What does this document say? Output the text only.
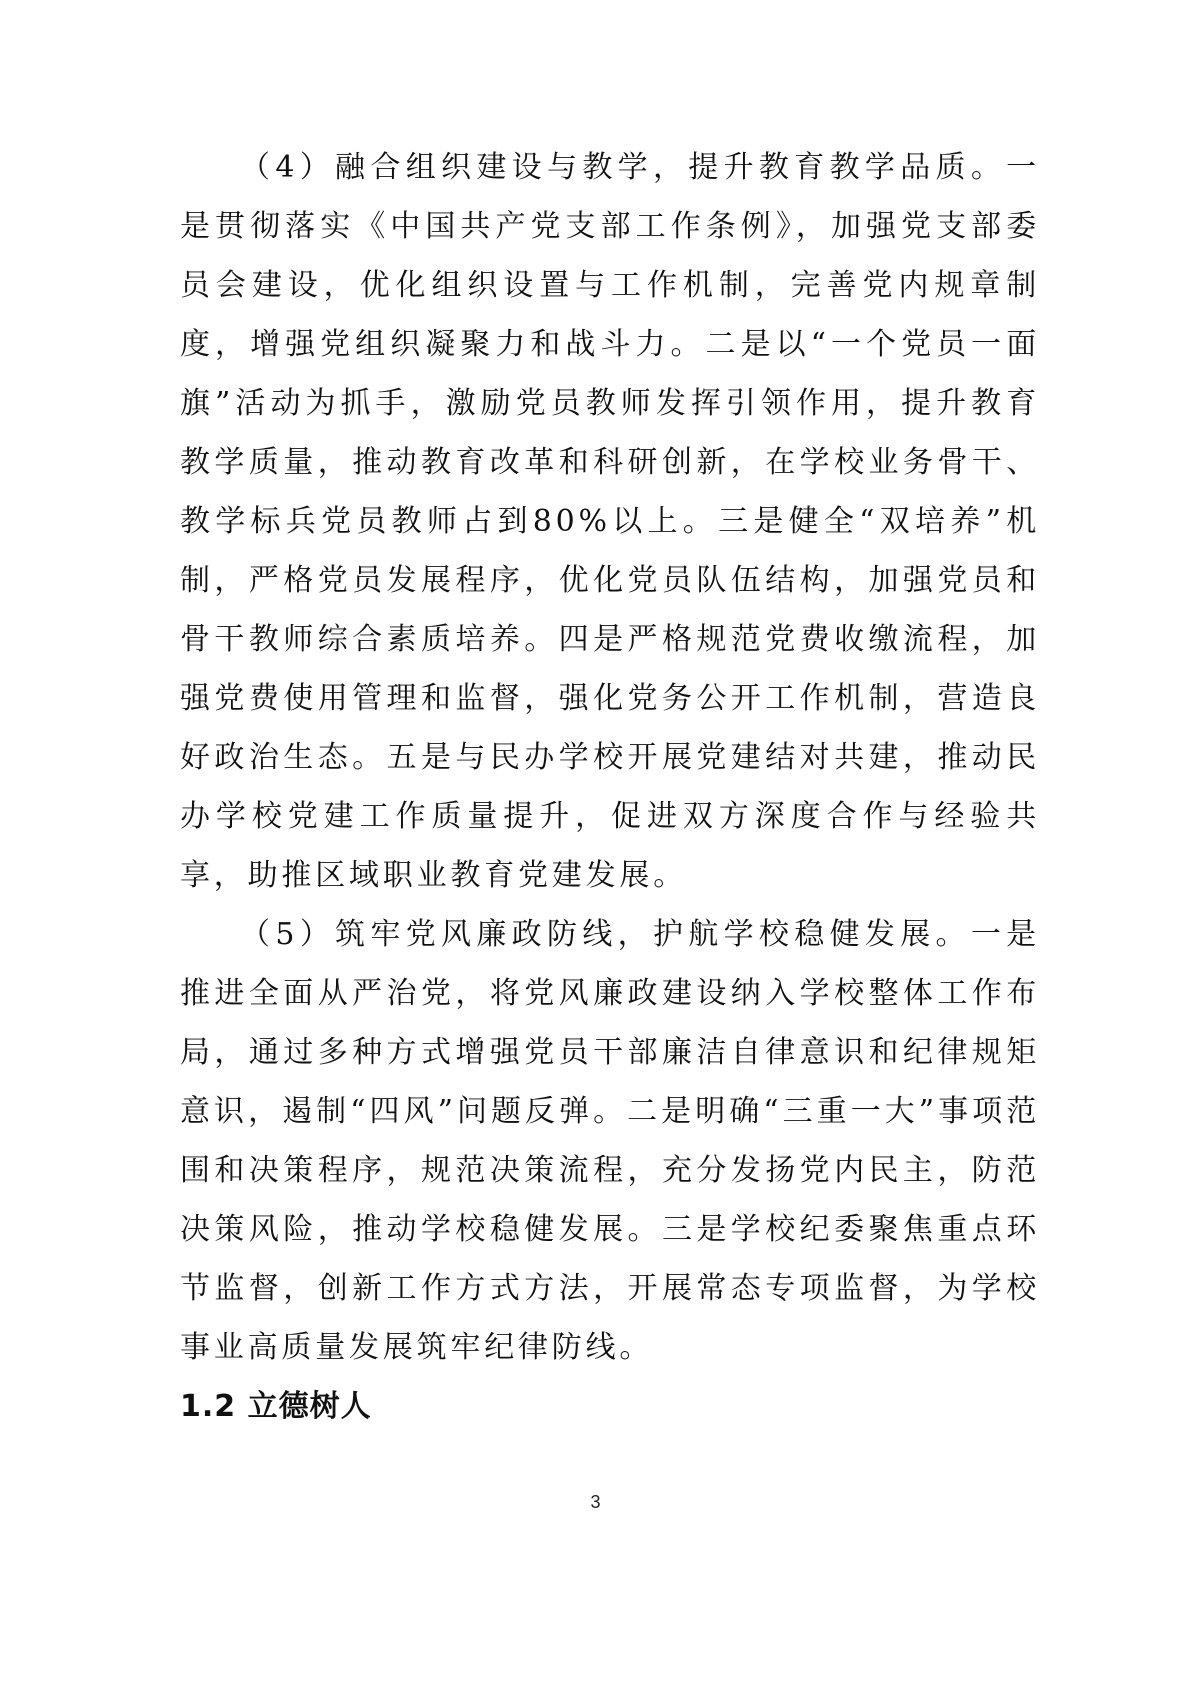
（4）融合组织建设与教学，提升教育教学品质。一是贯彻落实《中国共产党支部工作条例》，加强党支部委员会建设，优化组织设置与工作机制，完善党内规章制度，增强党组织凝聚力和战斗力。二是以“一个党员一面旗”活动为抓手，激励党员教师发挥引领作用，提升教育教学质量，推动教育改革和科研创新，在学校业务骨干、教学标兵党员教师占到80%以上。三是健全“双培养”机制，严格党员发展程序，优化党员队伍结构，加强党员和骨干教师综合素质培养。四是严格规范党费收缴流程，加强党费使用管理和监督，强化党务公开工作机制，营造良好政治生态。五是与民办学校开展党建结对共建，推动民办学校党建工作质量提升，促进双方深度合作与经验共享，助推区域职业教育党建发展。

（5）筑牢党风廉政防线，护航学校稳健发展。一是推进全面从严治党，将党风廉政建设纳入学校整体工作布局，通过多种方式增强党员干部廉洁自律意识和纪律规矩意识，遏制“四风”问题反弹。二是明确“三重一大”事项范围和决策程序，规范决策流程，充分发扬党内民主，防范决策风险，推动学校稳健发展。三是学校纪委聚焦重点环节监督，创新工作方式方法，开展常态专项监督，为学校事业高质量发展筑牢纪律防线。

1.2 立德树人
3
